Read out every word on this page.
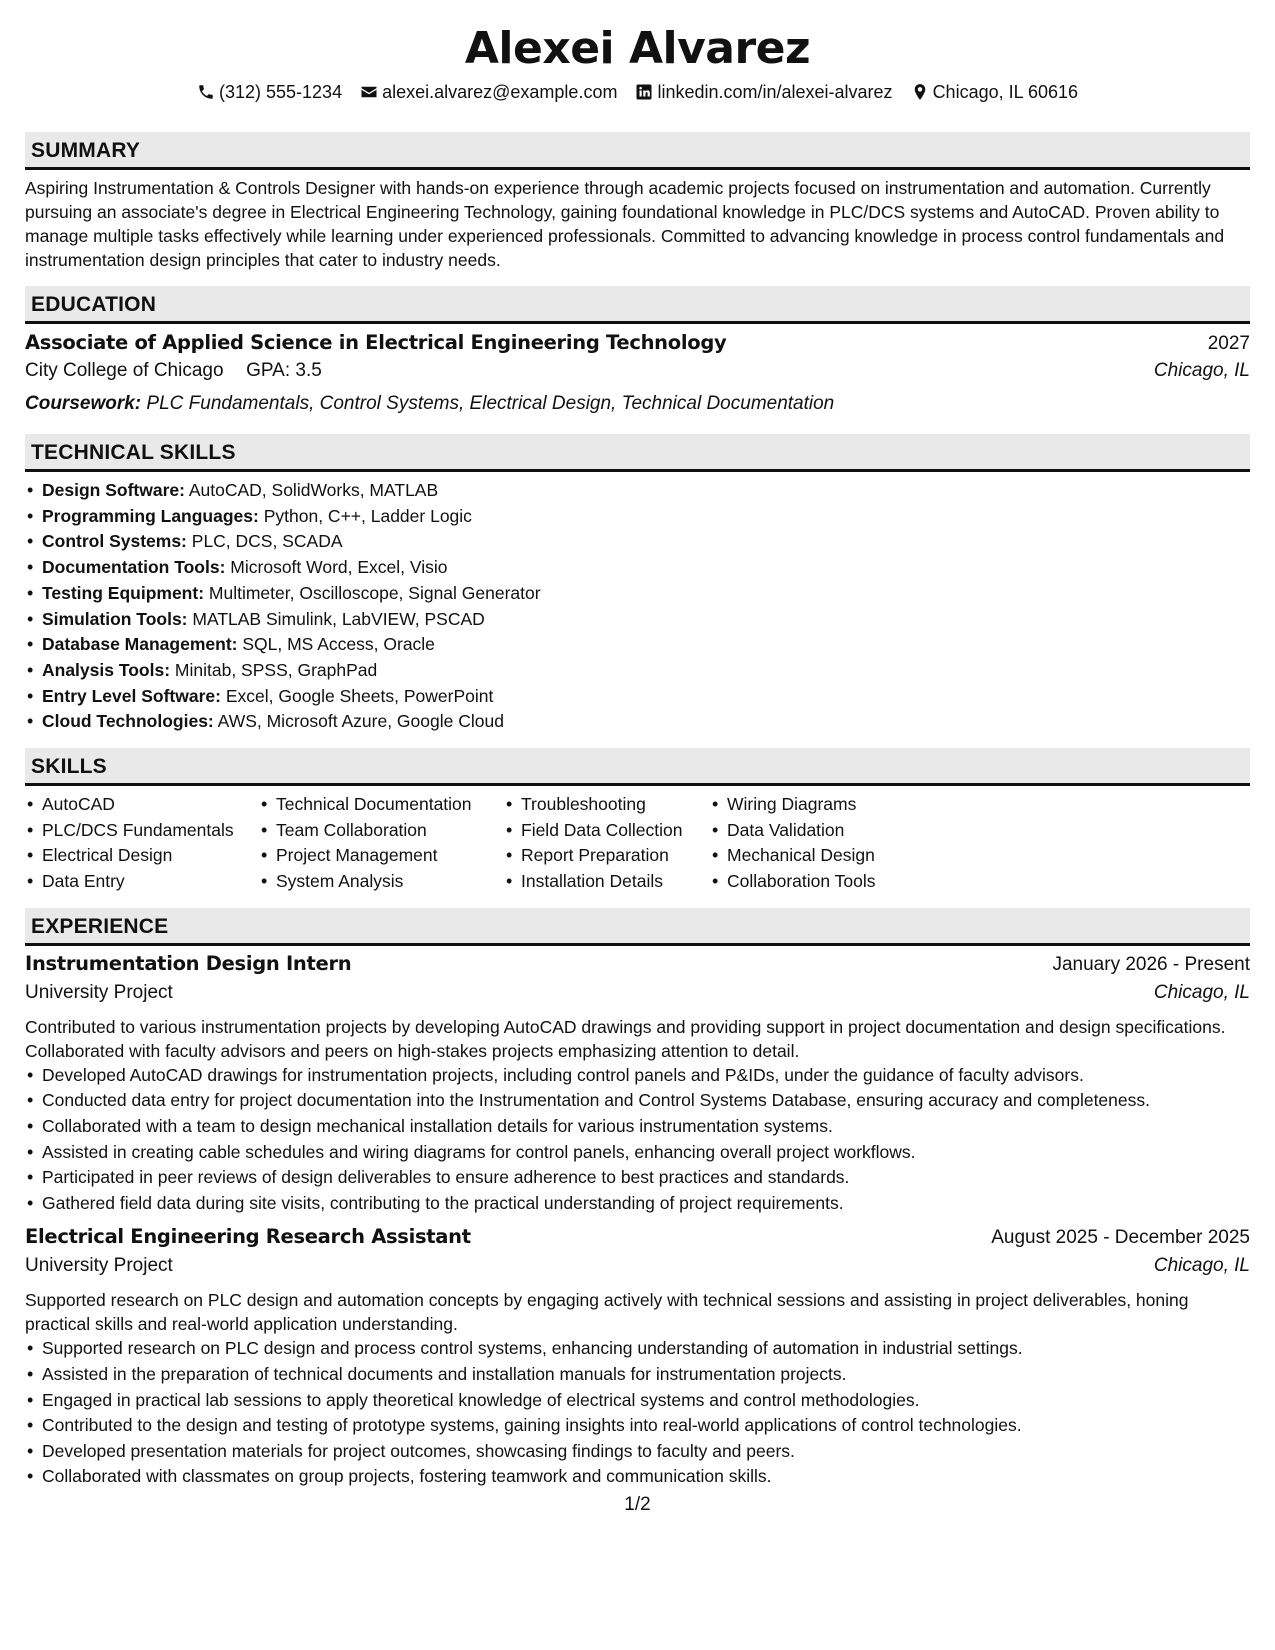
Alexei Alvarez
(312) 555-1234 alexei.alvarez@example.com linkedin.com/in/alexei-alvarez Chicago, IL 60616
SUMMARY
Aspiring Instrumentation & Controls Designer with hands-on experience through academic projects focused on instrumentation and automation. Currently pursuing an associate's degree in Electrical Engineering Technology, gaining foundational knowledge in PLC/DCS systems and AutoCAD. Proven ability to manage multiple tasks effectively while learning under experienced professionals. Committed to advancing knowledge in process control fundamentals and instrumentation design principles that cater to industry needs.
EDUCATION
Associate of Applied Science in Electrical Engineering Technology	2027
City College of Chicago GPA: 3.5	Chicago, IL
Coursework: PLC Fundamentals, Control Systems, Electrical Design, Technical Documentation
TECHNICAL SKILLS
• Design Software: AutoCAD, SolidWorks, MATLAB
• Programming Languages: Python, C++, Ladder Logic
• Control Systems: PLC, DCS, SCADA
• Documentation Tools: Microsoft Word, Excel, Visio
• Testing Equipment: Multimeter, Oscilloscope, Signal Generator
• Simulation Tools: MATLAB Simulink, LabVIEW, PSCAD
• Database Management: SQL, MS Access, Oracle
• Analysis Tools: Minitab, SPSS, GraphPad
• Entry Level Software: Excel, Google Sheets, PowerPoint
• Cloud Technologies: AWS, Microsoft Azure, Google Cloud
SKILLS
• AutoCAD
• PLC/DCS Fundamentals
• Electrical Design
• Data Entry
• Technical Documentation
• Team Collaboration
• Project Management
• System Analysis
• Troubleshooting
• Field Data Collection
• Report Preparation
• Installation Details
• Wiring Diagrams
• Data Validation
• Mechanical Design
• Collaboration Tools
EXPERIENCE
Instrumentation Design Intern	January 2026 - Present
University Project	Chicago, IL
Contributed to various instrumentation projects by developing AutoCAD drawings and providing support in project documentation and design specifications. Collaborated with faculty advisors and peers on high-stakes projects emphasizing attention to detail.
• Developed AutoCAD drawings for instrumentation projects, including control panels and P&IDs, under the guidance of faculty advisors.
• Conducted data entry for project documentation into the Instrumentation and Control Systems Database, ensuring accuracy and completeness.
• Collaborated with a team to design mechanical installation details for various instrumentation systems.
• Assisted in creating cable schedules and wiring diagrams for control panels, enhancing overall project workflows.
• Participated in peer reviews of design deliverables to ensure adherence to best practices and standards.
• Gathered field data during site visits, contributing to the practical understanding of project requirements.
Electrical Engineering Research Assistant	August 2025 - December 2025
University Project	Chicago, IL
Supported research on PLC design and automation concepts by engaging actively with technical sessions and assisting in project deliverables, honing practical skills and real-world application understanding.
• Supported research on PLC design and process control systems, enhancing understanding of automation in industrial settings.
• Assisted in the preparation of technical documents and installation manuals for instrumentation projects.
• Engaged in practical lab sessions to apply theoretical knowledge of electrical systems and control methodologies.
• Contributed to the design and testing of prototype systems, gaining insights into real-world applications of control technologies.
• Developed presentation materials for project outcomes, showcasing findings to faculty and peers.
• Collaborated with classmates on group projects, fostering teamwork and communication skills.
1/2
